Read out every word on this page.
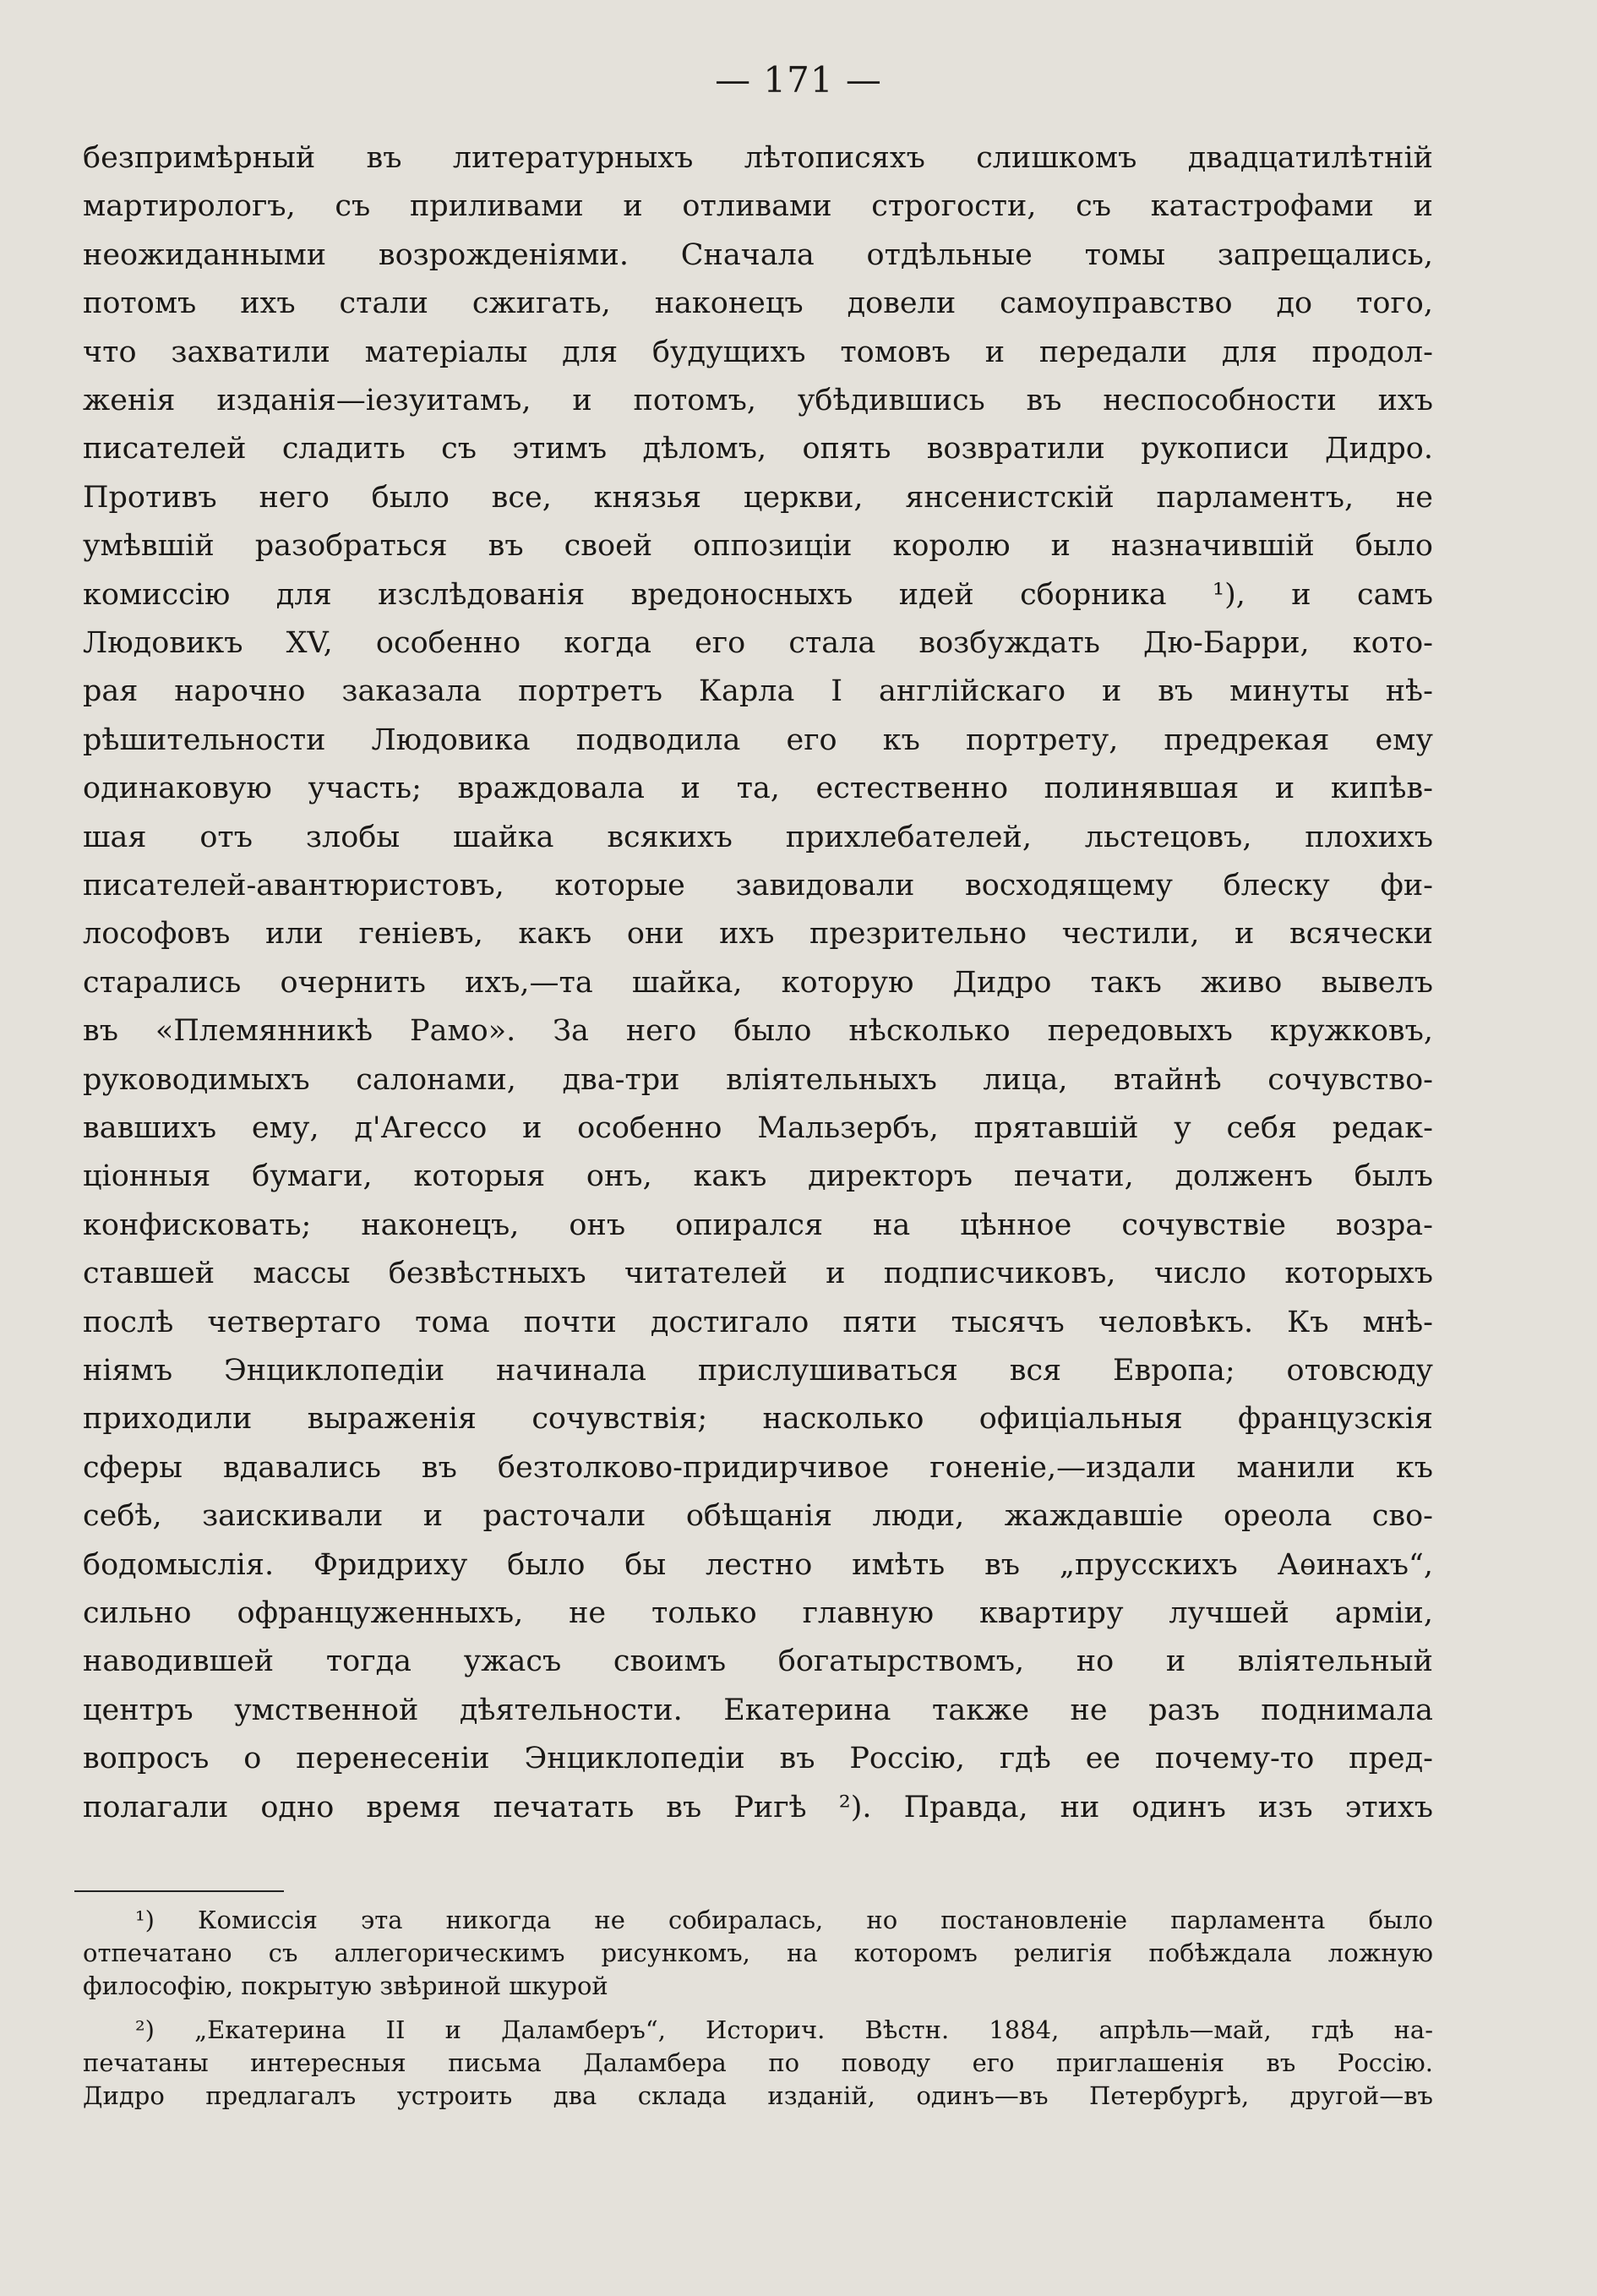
— 171 —
безпримѣрный въ литературныхъ лѣтописяхъ слишкомъ двадцатилѣтній
мартирологъ, съ приливами и отливами строгости, съ катастрофами и
неожиданными возрожденіями. Сначала отдѣльные томы запрещались,
потомъ ихъ стали сжигать, наконецъ довели самоуправство до того,
что захватили матеріалы для будущихъ томовъ и передали для продол-
женія изданія—іезуитамъ, и потомъ, убѣдившись въ неспособности ихъ
писателей сладить съ этимъ дѣломъ, опять возвратили рукописи Дидро.
Противъ него было все, князья церкви, янсенистскій парламентъ, не
умѣвшій разобраться въ своей оппозиціи королю и назначившій было
комиссію для изслѣдованія вредоносныхъ идей сборника ¹), и самъ
Людовикъ XV, особенно когда его стала возбуждать Дю-Барри, кото-
рая нарочно заказала портретъ Карла I англійскаго и въ минуты нѣ-
рѣшительности Людовика подводила его къ портрету, предрекая ему
одинаковую участь; враждовала и та, естественно полинявшая и кипѣв-
шая отъ злобы шайка всякихъ прихлебателей, льстецовъ, плохихъ
писателей-авантюристовъ, которые завидовали восходящему блеску фи-
лософовъ или геніевъ, какъ они ихъ презрительно честили, и всячески
старались очернить ихъ,—та шайка, которую Дидро такъ живо вывелъ
въ «Племянникѣ Рамо». За него было нѣсколько передовыхъ кружковъ,
руководимыхъ салонами, два-три вліятельныхъ лица, втайнѣ сочувство-
вавшихъ ему, д'Агессо и особенно Мальзербъ, прятавшій у себя редак-
ціонныя бумаги, которыя онъ, какъ директоръ печати, долженъ былъ
конфисковать; наконецъ, онъ опирался на цѣнное сочувствіе возра-
ставшей массы безвѣстныхъ читателей и подписчиковъ, число которыхъ
послѣ четвертаго тома почти достигало пяти тысячъ человѣкъ. Къ мнѣ-
ніямъ Энциклопедіи начинала прислушиваться вся Европа; отовсюду
приходили выраженія сочувствія; насколько офиціальныя французскія
сферы вдавались въ безтолково-придирчивое гоненіе,—издали манили къ
себѣ, заискивали и расточали обѣщанія люди, жаждавшіе ореола сво-
бодомыслія. Фридриху было бы лестно имѣть въ „прусскихъ Аѳинахъ“,
сильно офранцуженныхъ, не только главную квартиру лучшей арміи,
наводившей тогда ужасъ своимъ богатырствомъ, но и вліятельный
центръ умственной дѣятельности. Екатерина также не разъ поднимала
вопросъ о перенесеніи Энциклопедіи въ Россію, гдѣ ее почему-то пред-
полагали одно время печатать въ Ригѣ ²). Правда, ни одинъ изъ этихъ
¹) Комиссія эта никогда не собиралась, но постановленіе парламента было
отпечатано съ аллегорическимъ рисункомъ, на которомъ религія побѣждала ложную
философію, покрытую звѣриной шкурой
²) „Екатерина II и Даламберъ“, Историч. Вѣстн. 1884, апрѣль—май, гдѣ на-
печатаны интересныя письма Даламбера по поводу его приглашенія въ Россію.
Дидро предлагалъ устроить два склада изданій, одинъ—въ Петербургѣ, другой—въ
